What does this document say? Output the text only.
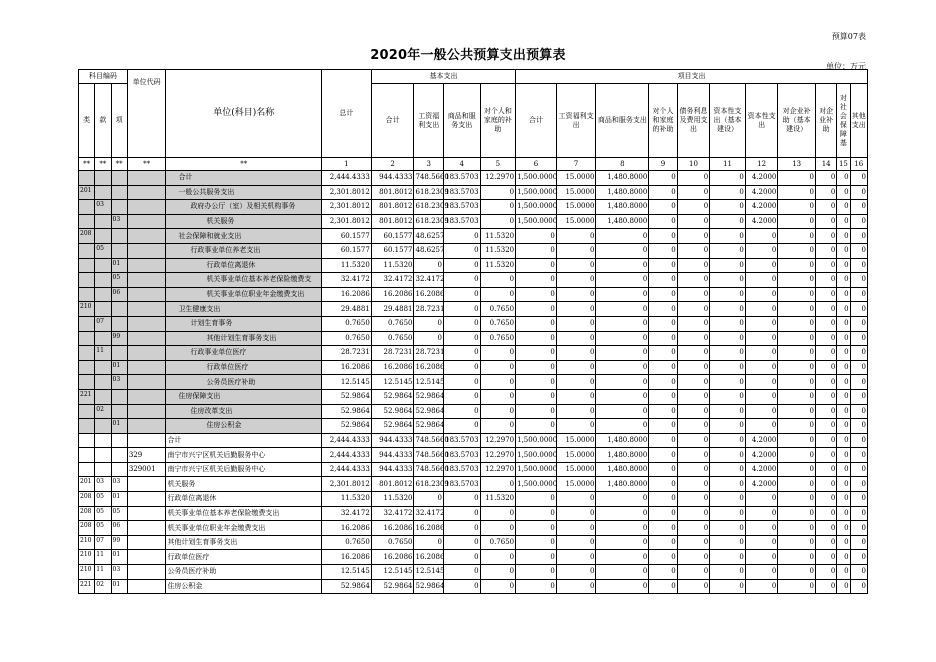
预算07表
2020年一般公共预算支出预算表
单位：万元
科目编码			单位代码	单位(科目)名称	总计	基本支出				项目支出										
类	款	项				合计	工资福利支出	商品和服务支出	对个人和家庭的补助	合计	工资福利支出	商品和服务支出	对个人和家庭的补助	债务利息及费用支出	资本性支出（基本建设）	资本性支出	对企业补助（基本建设）	对企业补助	对社会保障基	其他支出
**	**	**	**	**	1	2	3	4	5	6	7	8	9	10	11	12	13	14	15	16
				合计	2,444.4333	944.4333	748.5660	183.5703	12.2970	1,500.0000	15.0000	1,480.8000	0	0	0	4.2000	0	0	0	0
201				一般公共服务支出	2,301.8012	801.8012	618.2309	183.5703	0	1,500.0000	15.0000	1,480.8000	0	0	0	4.2000	0	0	0	0
	03			政府办公厅（室）及相关机构事务	2,301.8012	801.8012	618.2309	183.5703	0	1,500.0000	15.0000	1,480.8000	0	0	0	4.2000	0	0	0	0
		03		机关服务	2,301.8012	801.8012	618.2309	183.5703	0	1,500.0000	15.0000	1,480.8000	0	0	0	4.2000	0	0	0	0
208				社会保障和就业支出	60.1577	60.1577	48.6257	0	11.5320	0	0	0	0	0	0	0	0	0	0	0
	05			行政事业单位养老支出	60.1577	60.1577	48.6257	0	11.5320	0	0	0	0	0	0	0	0	0	0	0
		01		行政单位离退休	11.5320	11.5320	0	0	11.5320	0	0	0	0	0	0	0	0	0	0	0
		05		机关事业单位基本养老保险缴费支	32.4172	32.4172	32.4172	0	0	0	0	0	0	0	0	0	0	0	0	0
		06		机关事业单位职业年金缴费支出	16.2086	16.2086	16.2086	0	0	0	0	0	0	0	0	0	0	0	0	0
210				卫生健康支出	29.4881	29.4881	28.7231	0	0.7650	0	0	0	0	0	0	0	0	0	0	0
	07			计划生育事务	0.7650	0.7650	0	0	0.7650	0	0	0	0	0	0	0	0	0	0	0
		99		其他计划生育事务支出	0.7650	0.7650	0	0	0.7650	0	0	0	0	0	0	0	0	0	0	0
	11			行政事业单位医疗	28.7231	28.7231	28.7231	0	0	0	0	0	0	0	0	0	0	0	0	0
		01		行政单位医疗	16.2086	16.2086	16.2086	0	0	0	0	0	0	0	0	0	0	0	0	0
		03		公务员医疗补助	12.5145	12.5145	12.5145	0	0	0	0	0	0	0	0	0	0	0	0	0
221				住房保障支出	52.9864	52.9864	52.9864	0	0	0	0	0	0	0	0	0	0	0	0	0
	02			住房改革支出	52.9864	52.9864	52.9864	0	0	0	0	0	0	0	0	0	0	0	0	0
		01		住房公积金	52.9864	52.9864	52.9864	0	0	0	0	0	0	0	0	0	0	0	0	0
				合计	2,444.4333	944.4333	748.5660	183.5703	12.2970	1,500.0000	15.0000	1,480.8000	0	0	0	4.2000	0	0	0	0
			329	南宁市兴宁区机关后勤服务中心	2,444.4333	944.4333	748.5660	183.5703	12.2970	1,500.0000	15.0000	1,480.8000	0	0	0	4.2000	0	0	0	0
			329001	南宁市兴宁区机关后勤服务中心	2,444.4333	944.4333	748.5660	183.5703	12.2970	1,500.0000	15.0000	1,480.8000	0	0	0	4.2000	0	0	0	0
201	03	03		机关服务	2,301.8012	801.8012	618.2309	183.5703	0	1,500.0000	15.0000	1,480.8000	0	0	0	4.2000	0	0	0	0
208	05	01		行政单位离退休	11.5320	11.5320	0	0	11.5320	0	0	0	0	0	0	0	0	0	0	0
208	05	05		机关事业单位基本养老保险缴费支出	32.4172	32.4172	32.4172	0	0	0	0	0	0	0	0	0	0	0	0	0
208	05	06		机关事业单位职业年金缴费支出	16.2086	16.2086	16.2086	0	0	0	0	0	0	0	0	0	0	0	0	0
210	07	99		其他计划生育事务支出	0.7650	0.7650	0	0	0.7650	0	0	0	0	0	0	0	0	0	0	0
210	11	01		行政单位医疗	16.2086	16.2086	16.2086	0	0	0	0	0	0	0	0	0	0	0	0	0
210	11	03		公务员医疗补助	12.5145	12.5145	12.5145	0	0	0	0	0	0	0	0	0	0	0	0	0
221	02	01		住房公积金	52.9864	52.9864	52.9864	0	0	0	0	0	0	0	0	0	0	0	0	0
